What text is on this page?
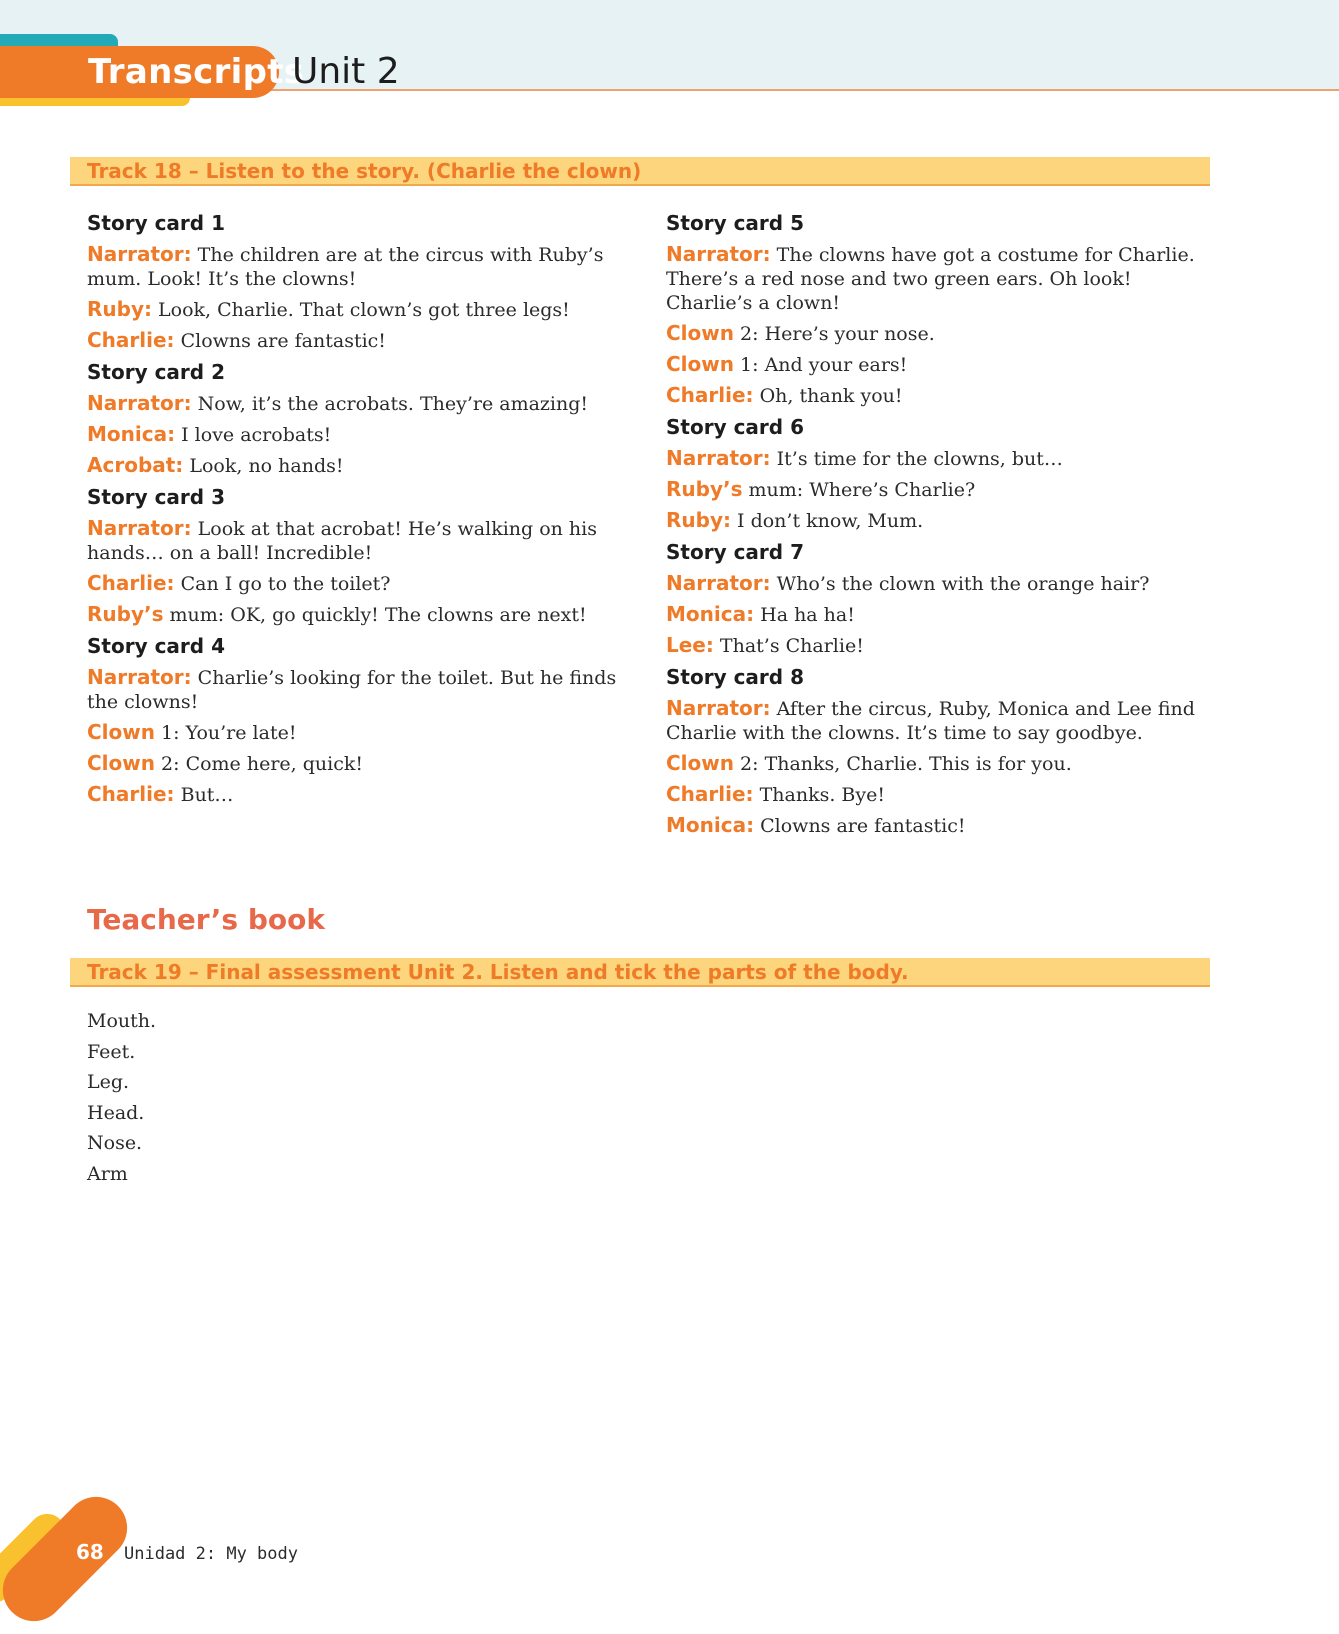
Transcripts
Unit 2
Track 18 – Listen to the story. (Charlie the clown)
Story card 1

Narrator: The children are at the circus with Ruby’s mum. Look! It’s the clowns!

Ruby: Look, Charlie. That clown’s got three legs!

Charlie: Clowns are fantastic!

Story card 2

Narrator: Now, it’s the acrobats. They’re amazing!

Monica: I love acrobats!

Acrobat: Look, no hands!

Story card 3

Narrator: Look at that acrobat! He’s walking on his hands… on a ball! Incredible!

Charlie: Can I go to the toilet?

Ruby’s mum: OK, go quickly! The clowns are next!

Story card 4

Narrator: Charlie’s looking for the toilet. But he finds the clowns!

Clown 1: You’re late!

Clown 2: Come here, quick!

Charlie: But…

Story card 5

Narrator: The clowns have got a costume for Charlie. There’s a red nose and two green ears. Oh look! Charlie’s a clown!

Clown 2: Here’s your nose.

Clown 1: And your ears!

Charlie: Oh, thank you!

Story card 6

Narrator: It’s time for the clowns, but…

Ruby’s mum: Where’s Charlie?

Ruby: I don’t know, Mum.

Story card 7

Narrator: Who’s the clown with the orange hair?

Monica: Ha ha ha!

Lee: That’s Charlie!

Story card 8

Narrator: After the circus, Ruby, Monica and Lee find Charlie with the clowns. It’s time to say goodbye.

Clown 2: Thanks, Charlie. This is for you.

Charlie: Thanks. Bye!

Monica: Clowns are fantastic!

Teacher’s book
Track 19 – Final assessment Unit 2. Listen and tick the parts of the body.
Mouth.
Feet.
Leg.
Head.
Nose.
Arm
68 Unidad 2: My body
